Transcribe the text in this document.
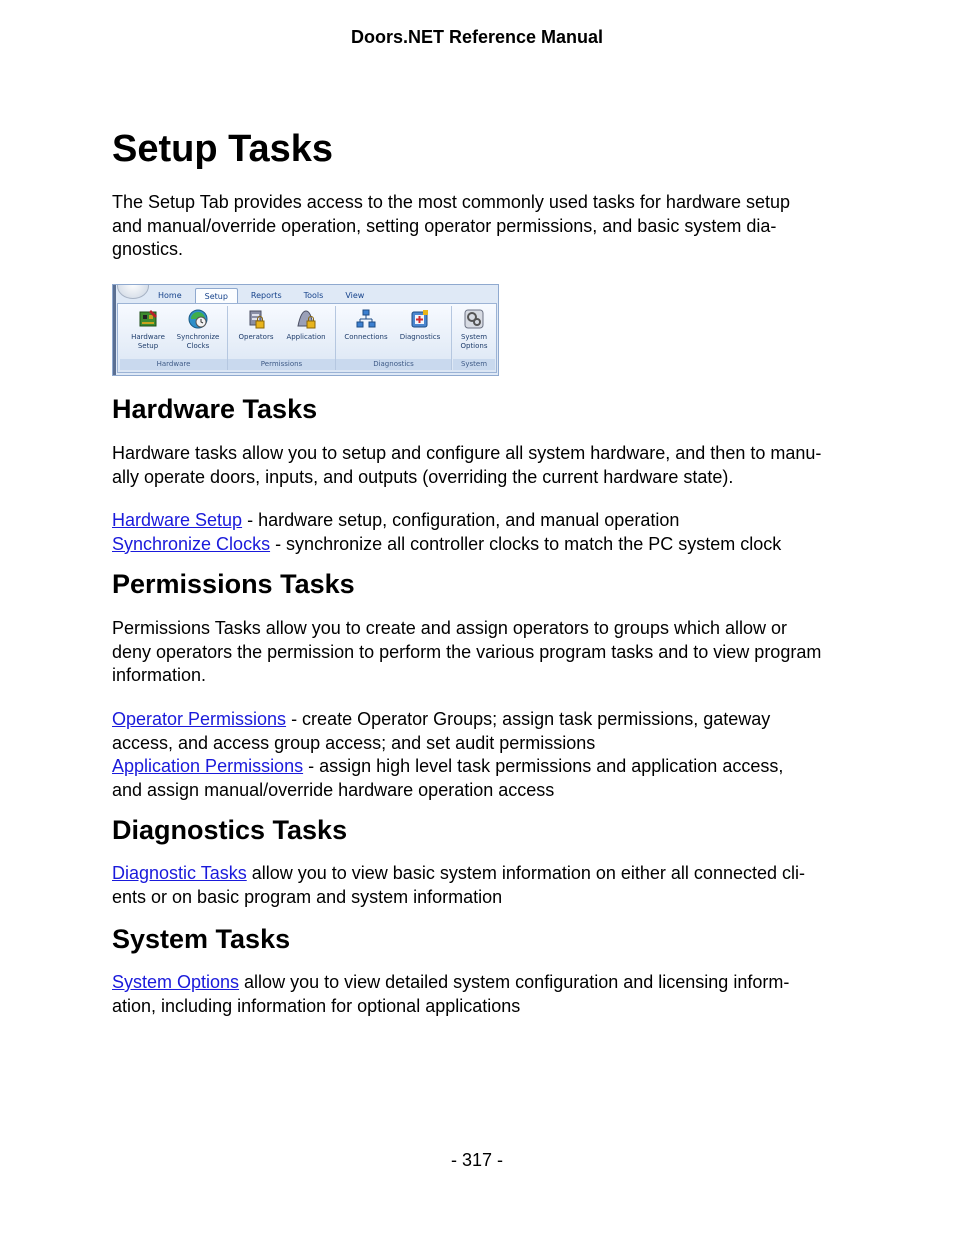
Doors.NET Reference Manual
Setup Tasks

The Setup Tab provides access to the most commonly used tasks for hardware setup
and manual/override operation, setting operator permissions, and basic system dia-
gnostics.

Home	Setup	Reports	Tools	View
Hardware
Setup
Synchronize
Clocks
Hardware
Operators	Application
Permissions
Connections	Diagnostics
Diagnostics
System
Options
System
Hardware Tasks

Hardware tasks allow you to setup and configure all system hardware, and then to manu-
ally operate doors, inputs, and outputs (overriding the current hardware state).

Hardware Setup - hardware setup, configuration, and manual operation
Synchronize Clocks - synchronize all controller clocks to match the PC system clock

Permissions Tasks

Permissions Tasks allow you to create and assign operators to groups which allow or
deny operators the permission to perform the various program tasks and to view program
information.

Operator Permissions - create Operator Groups; assign task permissions, gateway
access, and access group access; and set audit permissions
Application Permissions - assign high level task permissions and application access,
and assign manual/override hardware operation access

Diagnostics Tasks

Diagnostic Tasks allow you to view basic system information on either all connected cli-
ents or on basic program and system information

System Tasks

System Options allow you to view detailed system configuration and licensing inform-
ation, including information for optional applications

- 317 -
